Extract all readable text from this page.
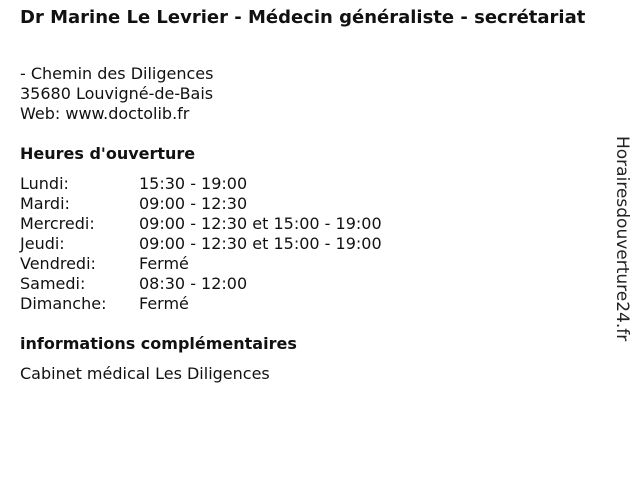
Dr Marine Le Levrier - Médecin généraliste - secrétariat
- Chemin des Diligences
35680 Louvigné-de-Bais
Web: www.doctolib.fr
Heures d'ouverture
Lundi:	15:30 - 19:00
Mardi:	09:00 - 12:30
Mercredi:	09:00 - 12:30 et 15:00 - 19:00
Jeudi:	09:00 - 12:30 et 15:00 - 19:00
Vendredi:	Fermé
Samedi:	08:30 - 12:00
Dimanche:	Fermé
informations complémentaires
Cabinet médical Les Diligences
Horairesdouverture24.fr
